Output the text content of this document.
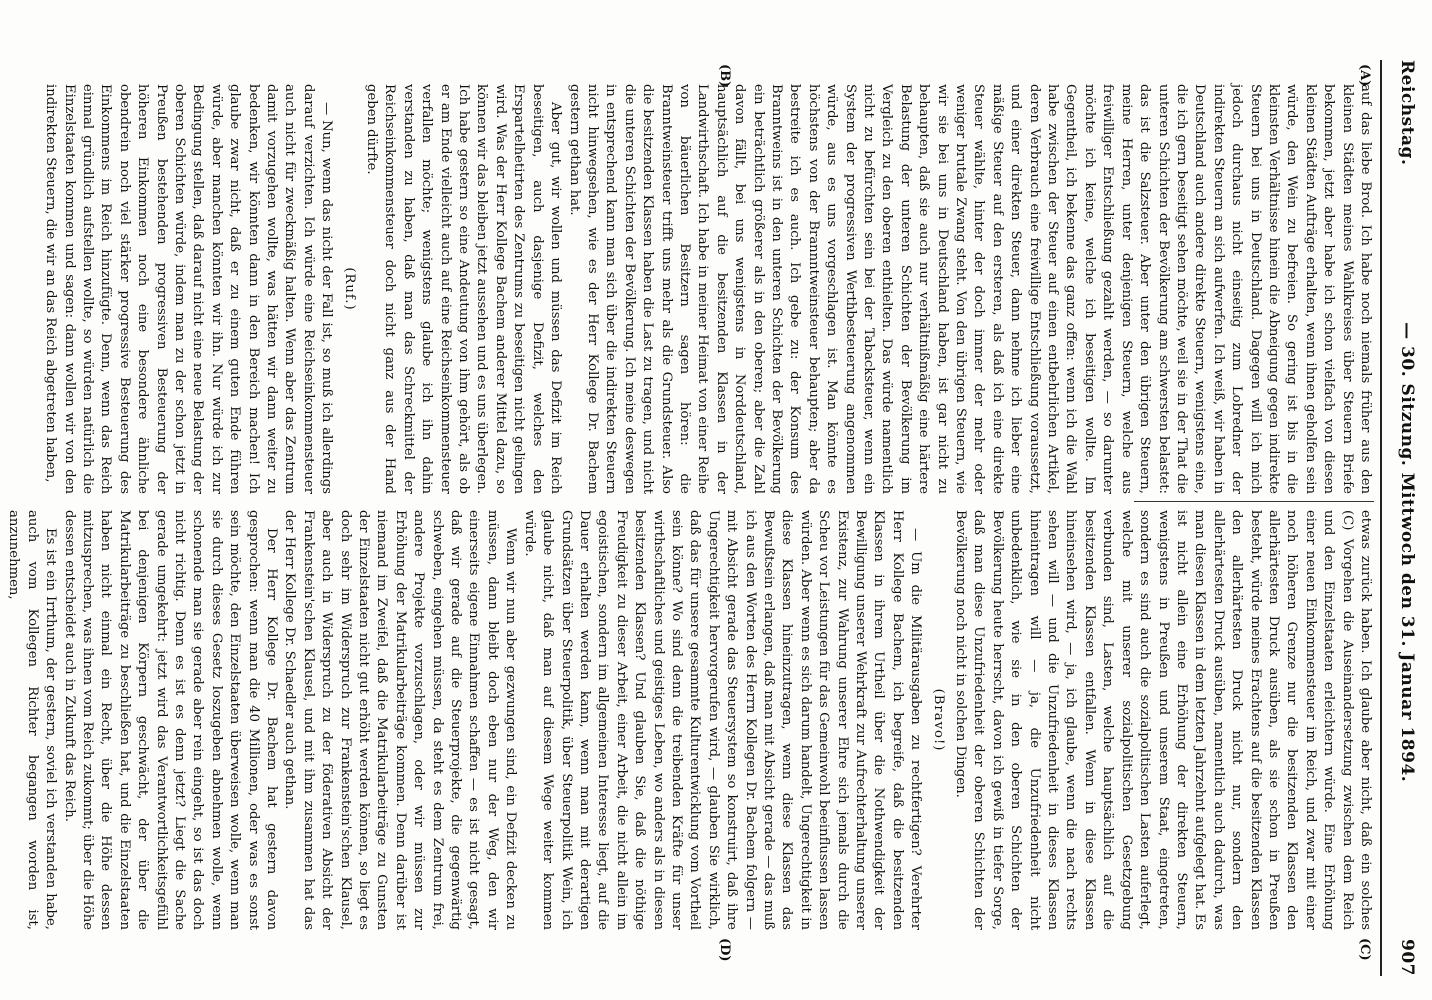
Reichstag.
— 30. Sitzung. Mittwoch den 31. Januar 1894.
907
(A)
(B)
(C)
(D)

auf das liebe Brod. Ich habe noch niemals früher aus den kleinen Städten meines Wahlkreises über Steuern Briefe bekommen, jetzt aber habe ich schon vielfach von diesen kleinen Städten Aufträge erhalten, wenn ihnen geholfen sein würde, den Wein zu befreien. So gering ist bis in die kleinsten Verhältnisse hinein die Abneigung gegen indirekte Steuern bei uns in Deutschland. Dagegen will ich mich jedoch durchaus nicht einseitig zum Lobredner der indirekten Steuern an sich aufwerfen. Ich weiß, wir haben in Deutschland auch andere direkte Steuern, wenigstens eine, die ich gern beseitigt sehen möchte, weil sie in der That die unteren Schichten der Bevölkerung am schwersten belastet: das ist die Salzsteuer. Aber unter den übrigen Steuern, meine Herren, unter denjenigen Steuern, welche aus freiwilliger Entschließung gezahlt werden, — so darunter möchte ich keine, welche ich beseitigen wollte. Im Gegentheil, ich bekenne das ganz offen: wenn ich die Wahl habe zwischen der Steuer auf einen entbehrlichen Artikel, deren Verbrauch eine freiwillige Entschließung voraussetzt, und einer direkten Steuer, dann nehme ich lieber eine mäßige Steuer auf den ersteren, als daß ich eine direkte Steuer wählte, hinter der doch immer der mehr oder weniger brutale Zwang steht. Von den übrigen Steuern, wie wir sie bei uns in Deutschland haben, ist gar nicht zu behaupten, daß sie auch nur verhältnißmäßig eine härtere Belastung der unteren Schichten der Bevölkerung im Vergleich zu den oberen enthielten. Das würde namentlich nicht zu befürchten sein bei der Tabacksteuer, wenn ein System der progressiven Werthbesteuerung angenommen würde, aus es uns vorgeschlagen ist. Man könnte es höchstens von der Brannntweinsteuer behaupten; aber da bestreite ich es auch. Ich gebe zu: der Konsum des Branntweins ist in den unteren Schichten der Bevölkerung ein beträchtlich größerer als in den oberen; aber die Zahl davon fällt, bei uns wenigstens in Norddeutschland, hauptsächlich auf die besitzenden Klassen in der Landwirthschaft. Ich habe in meiner Heimat von einer Reihe von bäuerlichen Besitzern sagen hören: die Branntweinsteuer trifft uns mehr als die Grundsteuer. Also die besitzenden Klassen haben die Last zu tragen, und nicht die unteren Schichten der Bevölkerung. Ich meine deswegen in entsprechend kann man sich über die indirekten Steuern nicht hinwegsehen, wie es der Herr Kollege Dr. Bachem gestern gethan hat.

Aber gut, wir wollen und müssen das Defizit im Reich beseitigen, auch dasjenige Defizit, welches den Erspartelhetirten des Zentrums zu beseitigen nicht gelingen wird. Was der Herr Kollege Bachem anderer Mittel dazu, so können wir das bleiben jetzt aussehen und es uns überlegen. Ich habe gestern so eine Andeutung von ihm gehört, als ob er am Ende vielleicht auch auf eine Reichseinkommensteuer verfallen möchte; wenigstens glaube ich ihn dahin verstanden zu haben, daß man das Schreckmittel der Reichseinkommensteuer doch nicht ganz aus der Hand geben dürfte.

(Ruf.)

— Nun, wenn das nicht der Fall ist, so muß ich allerdings darauf verzichten. Ich würde eine Reichseinkommensteuer auch nicht für zweckmäßig halten. Wenn aber das Zentrum damit vorzugehen wollte, was hätten wir dann weiter zu bedenken, wir könnten dann in den Bereich machen! Ich glaube zwar nicht, daß er zu einem guten Ende führen würde, aber manchen könnten wir ihn. Nur würde ich zur Bedingung stellen, daß darauf nicht eine neue Belastung der oberen Schichten würde, indem man zu der schon jetzt in Preußen bestehenden progressiven Besteuerung der höheren Einkommen noch eine besondere ähnliche obendrein noch viel stärker progressive Besteuerung des Einkommens im Reich hinzufügte. Denn, wenn das Reich einmal gründlich aufstellen wollte, so würden natürlich die Einzelstaaten kommen und sagen: dann wollen wir von den indirekten Steuern, die wir an das Reich abgetreten haben,

etwas zurück haben. Ich glaube aber nicht, daß ein solches (C) Vorgehen die Auseinandersetzung zwischen dem Reich und den Einzelstaaten erleichtern würde. Eine Erhöhung einer neuen Einkommensteuer im Reich, und zwar mit einer noch höheren Grenze nur die besitzenden Klassen den allerhärtesten Druck ausüben, als sie schon in Preußen besteht, würde meines Erachtens auf die besitzenden Klassen den allerhärtesten Druck nicht nur, sondern den allerhärtesten Druck ausüben, namentlich auch dadurch, was man diesen Klassen in dem letzten Jahrzehnt aufgelegt hat. Es ist nicht allein eine Erhöhung der direkten Steuern, wenigstens in Preußen und unserem Staat, eingetreten, sondern es sind auch die sozialpolitischen Lasten auferlegt, welche mit unserer sozialpolitischen Gesetzgebung verbunden sind, Lasten, welche hauptsächlich auf die besitzenden Klassen entfallen. Wenn in diese Klassen hineinsehen wird, — ja, ich glaube, wenn die nach rechts sehen will — und die Unzufriedenheit in dieses Klassen hineintragen will — ja, die Unzufriedenheit nicht unbedenklich, wie sie in den oberen Schichten der Bevölkerung heute herrscht, davon ich gewiß in tiefer Sorge, daß man diese Unzufriedenheit der oberen Schichten der Bevölkerung noch nicht in solchen Dingen.

(Bravo!)

— Um die Militärausgaben zu rechtfertigen? Verehrter Herr Kollege Bachem, ich begreife, daß die besitzenden Klassen in ihrem Urtheil über die Nothwendigkeit der Bewilligung unserer Wehrkraft zur Aufrechterhaltung unserer Existenz, zur Wahrung unserer Ehre sich jemals durch die Scheu vor Leistungen für das Gemeinwohl beeinflussen lassen würden. Aber wenn es sich darum handelt, Ungerechtigkeit in diese Klassen hineinzutragen, wenn diese Klassen das Bewußtsein erlangen, daß man mit Absicht gerade — das muß ich aus den Worten des Herrn Kollegen Dr. Bachem folgern — mit Absicht gerade das Steuersystem so konstruirt, daß ihre Ungerechtigkeit hervorgerufen wird, — glauben Sie wirklich, daß das für unsere gesammte Kulturentwicklung vom Vortheil sein könne? Wo sind denn die treibenden Kräfte für unser wirthschaftliches und geistiges Leben, wo anders als in diesen besitzenden Klassen? Und glauben Sie, daß die nöthige Freudigkeit zu dieser Arbeit, einer Arbeit, die nicht allein im egoistischen, sondern im allgemeinen Interesse liegt, auf die Dauer erhalten werden kann, wenn man mit derartigen Grundsätzen über Steuerpolitik, über Steuerpolitik Wein, ich glaube nicht, daß man auf diesem Wege weiter kommen würde.

Wenn wir nun aber gezwungen sind, ein Defizit decken zu müssen, dann bleibt doch eben nur der Weg, den wir einerseits eigene Einnahmen schaffen — es ist nicht gesagt, daß wir gerade auf die Steuerprojekte, die gegenwärtig schweben, eingehen müssen, da steht es dem Zentrum frei, andere Projekte vorzuschlagen, oder wir müssen zur Erhöhung der Matrikularbeiträge kommen. Denn darüber ist niemand im Zweifel, daß die Matrikularbeiträge zu Gunsten der Einzelstaaten nicht gut erhöht werden können, so liegt es doch sehr im Widerspruch zur Frankenstein'schen Klausel, aber auch in Widerspruch zu der föderativen Absicht der Frankenstein'schen Klausel, und mit ihm zusammen hat das der Herr Kollege Dr. Schaedler auch gethan.

Der Herr Kollege Dr. Bachem hat gestern davon gesprochen: wenn man die 40 Millionen, oder was es sonst sein möchte, den Einzelstaaten überweisen wolle, wenn man sie durch dieses Gesetz loszugeben abnehmen wolle, wenn schonende man sie gerade aber rein eingeht, so ist das doch nicht richtig. Denn es ist es denn jetzt? Liegt die Sache gerade umgekehrt: jetzt wird das Verantwortlichkeitsgefühl bei denjenigen Körpern geschwächt, der über die Matrikularbeiträge zu beschließen hat, und die Einzelstaaten haben nicht einmal ein Recht, über die Höhe dessen mitzusprechen, was ihnen vom Reich zukommt; über die Höhe dessen entscheidet auch in Zukunft das Reich.

Es ist ein Irrthum, der gestern, soviel ich verstanden habe, auch vom Kollegen Richter begangen worden ist, anzunehmen,
